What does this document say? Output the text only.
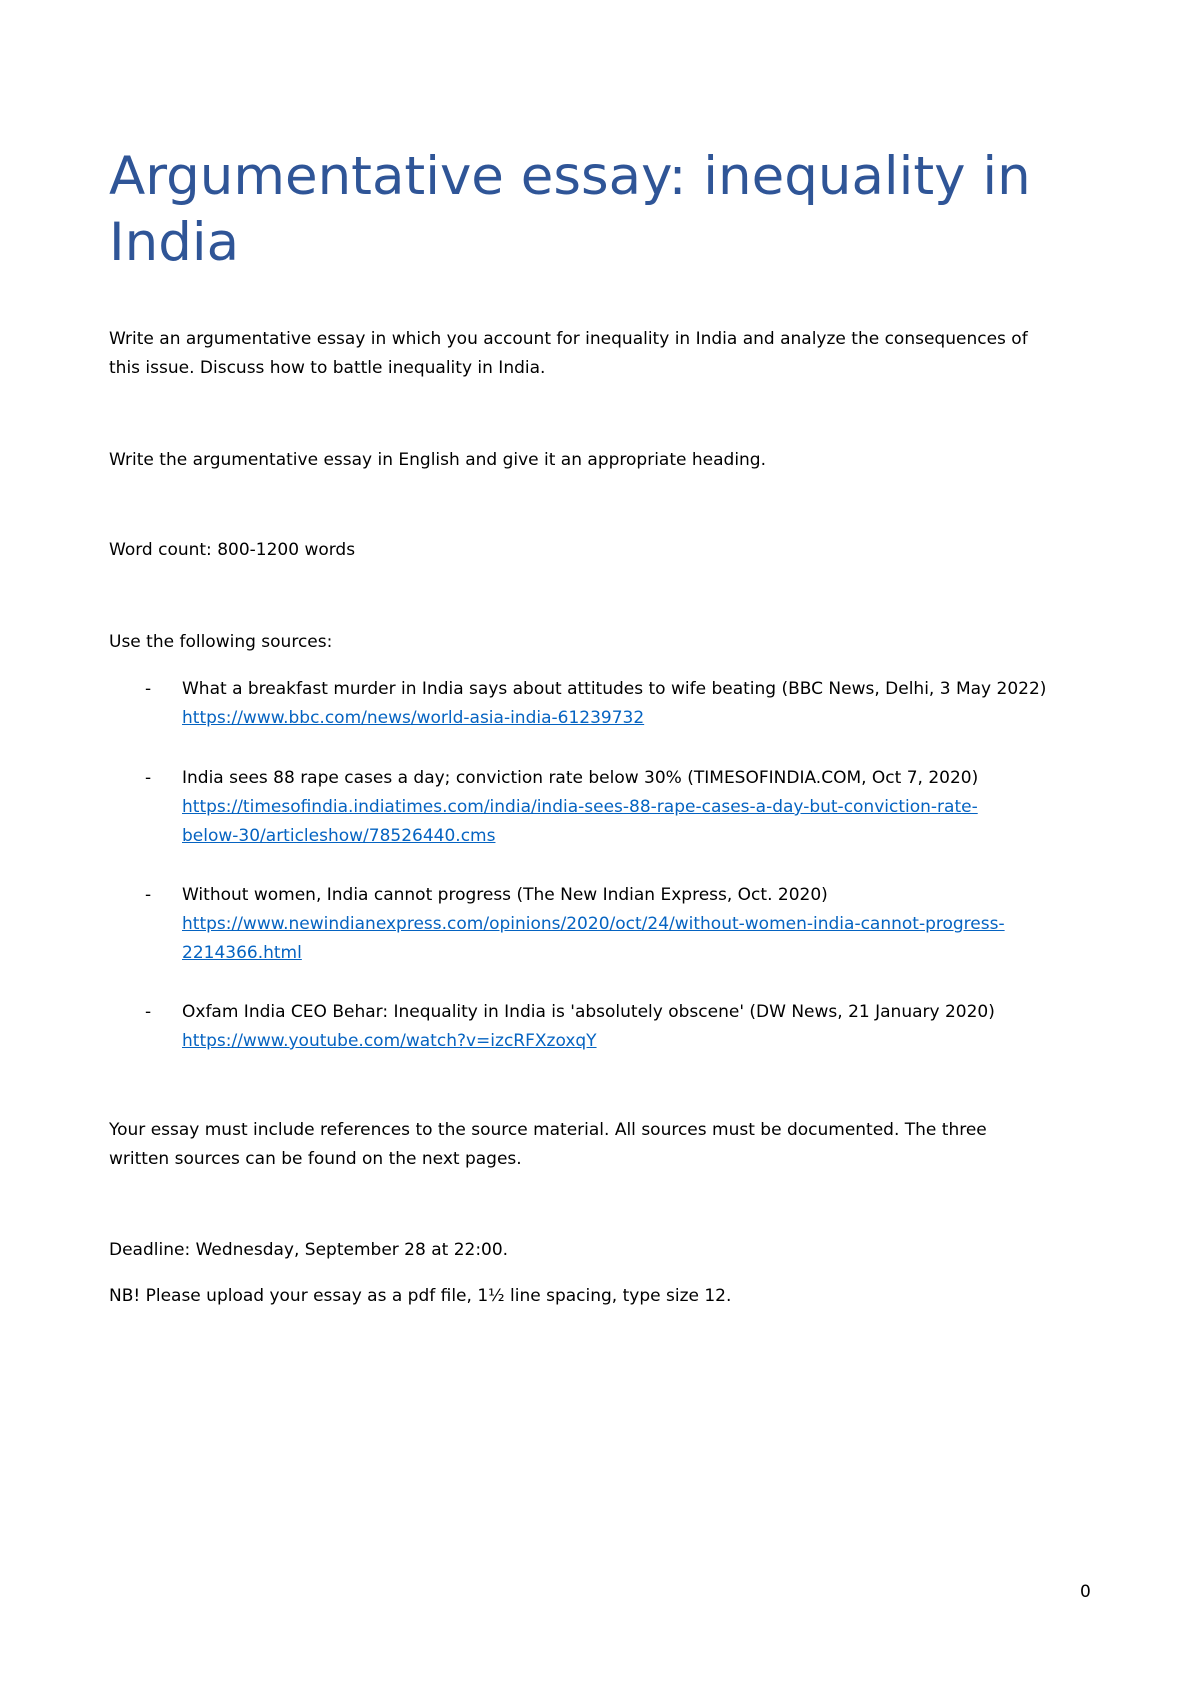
Argumentative essay: inequality in India

Write an argumentative essay in which you account for inequality in India and analyze the consequences of
this issue. Discuss how to battle inequality in India.

Write the argumentative essay in English and give it an appropriate heading.

Word count: 800-1200 words

Use the following sources:

- What a breakfast murder in India says about attitudes to wife beating (BBC News, Delhi, 3 May 2022)
https://www.bbc.com/news/world-asia-india-61239732
- India sees 88 rape cases a day; conviction rate below 30% (TIMESOFINDIA.COM, Oct 7, 2020)
https://timesofindia.indiatimes.com/india/india-sees-88-rape-cases-a-day-but-conviction-rate-
below-30/articleshow/78526440.cms
- Without women, India cannot progress (The New Indian Express, Oct. 2020)
https://www.newindianexpress.com/opinions/2020/oct/24/without-women-india-cannot-progress-
2214366.html
- Oxfam India CEO Behar: Inequality in India is 'absolutely obscene' (DW News, 21 January 2020)
https://www.youtube.com/watch?v=izcRFXzoxqY

Your essay must include references to the source material. All sources must be documented. The three
written sources can be found on the next pages.

Deadline: Wednesday, September 28 at 22:00.

NB! Please upload your essay as a pdf file, 1½ line spacing, type size 12.

0
